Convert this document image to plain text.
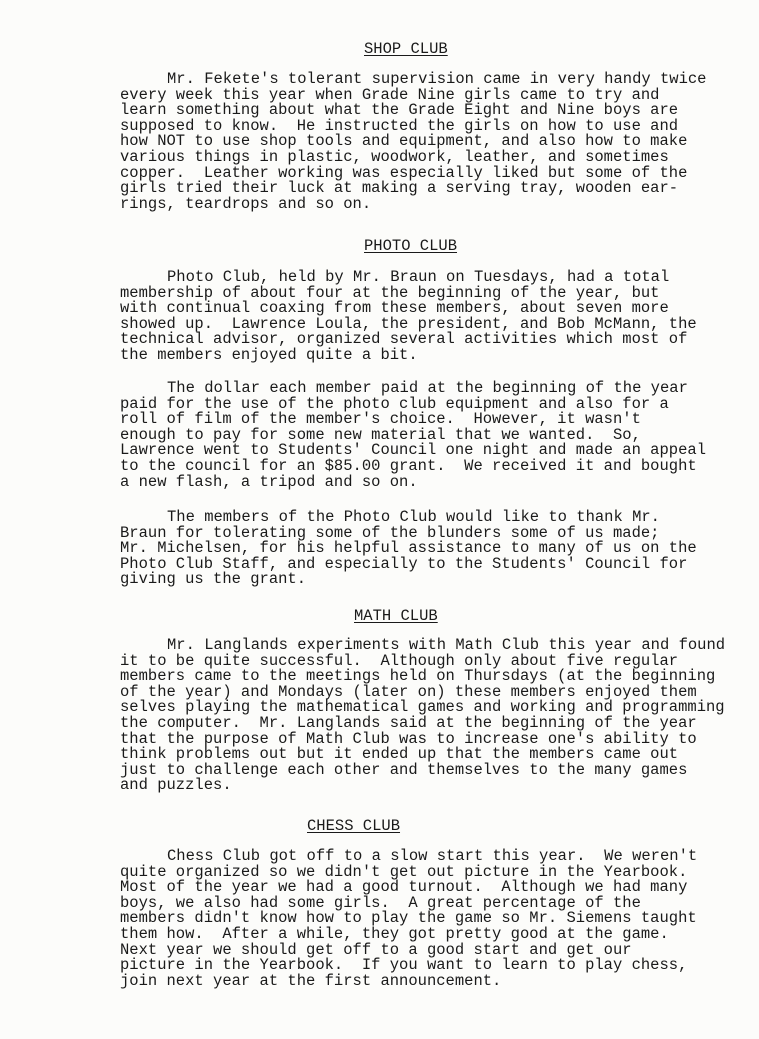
SHOP CLUB

Mr. Fekete's tolerant supervision came in very handy twice
every week this year when Grade Nine girls came to try and
learn something about what the Grade Eight and Nine boys are
supposed to know.  He instructed the girls on how to use and
how NOT to use shop tools and equipment, and also how to make
various things in plastic, woodwork, leather, and sometimes
copper.  Leather working was especially liked but some of the
girls tried their luck at making a serving tray, wooden ear-
rings, teardrops and so on.

PHOTO CLUB

Photo Club, held by Mr. Braun on Tuesdays, had a total
membership of about four at the beginning of the year, but
with continual coaxing from these members, about seven more
showed up.  Lawrence Loula, the president, and Bob McMann, the
technical advisor, organized several activities which most of
the members enjoyed quite a bit.

The dollar each member paid at the beginning of the year
paid for the use of the photo club equipment and also for a
roll of film of the member's choice.  However, it wasn't
enough to pay for some new material that we wanted.  So,
Lawrence went to Students' Council one night and made an appeal
to the council for an $85.00 grant.  We received it and bought
a new flash, a tripod and so on.

The members of the Photo Club would like to thank Mr.
Braun for tolerating some of the blunders some of us made;
Mr. Michelsen, for his helpful assistance to many of us on the
Photo Club Staff, and especially to the Students' Council for
giving us the grant.

MATH CLUB

Mr. Langlands experiments with Math Club this year and found
it to be quite successful.  Although only about five regular
members came to the meetings held on Thursdays (at the beginning
of the year) and Mondays (later on) these members enjoyed them
selves playing the mathematical games and working and programming
the computer.  Mr. Langlands said at the beginning of the year
that the purpose of Math Club was to increase one's ability to
think problems out but it ended up that the members came out
just to challenge each other and themselves to the many games
and puzzles.

CHESS CLUB

Chess Club got off to a slow start this year.  We weren't
quite organized so we didn't get out picture in the Yearbook.
Most of the year we had a good turnout.  Although we had many
boys, we also had some girls.  A great percentage of the
members didn't know how to play the game so Mr. Siemens taught
them how.  After a while, they got pretty good at the game.
Next year we should get off to a good start and get our
picture in the Yearbook.  If you want to learn to play chess,
join next year at the first announcement.
